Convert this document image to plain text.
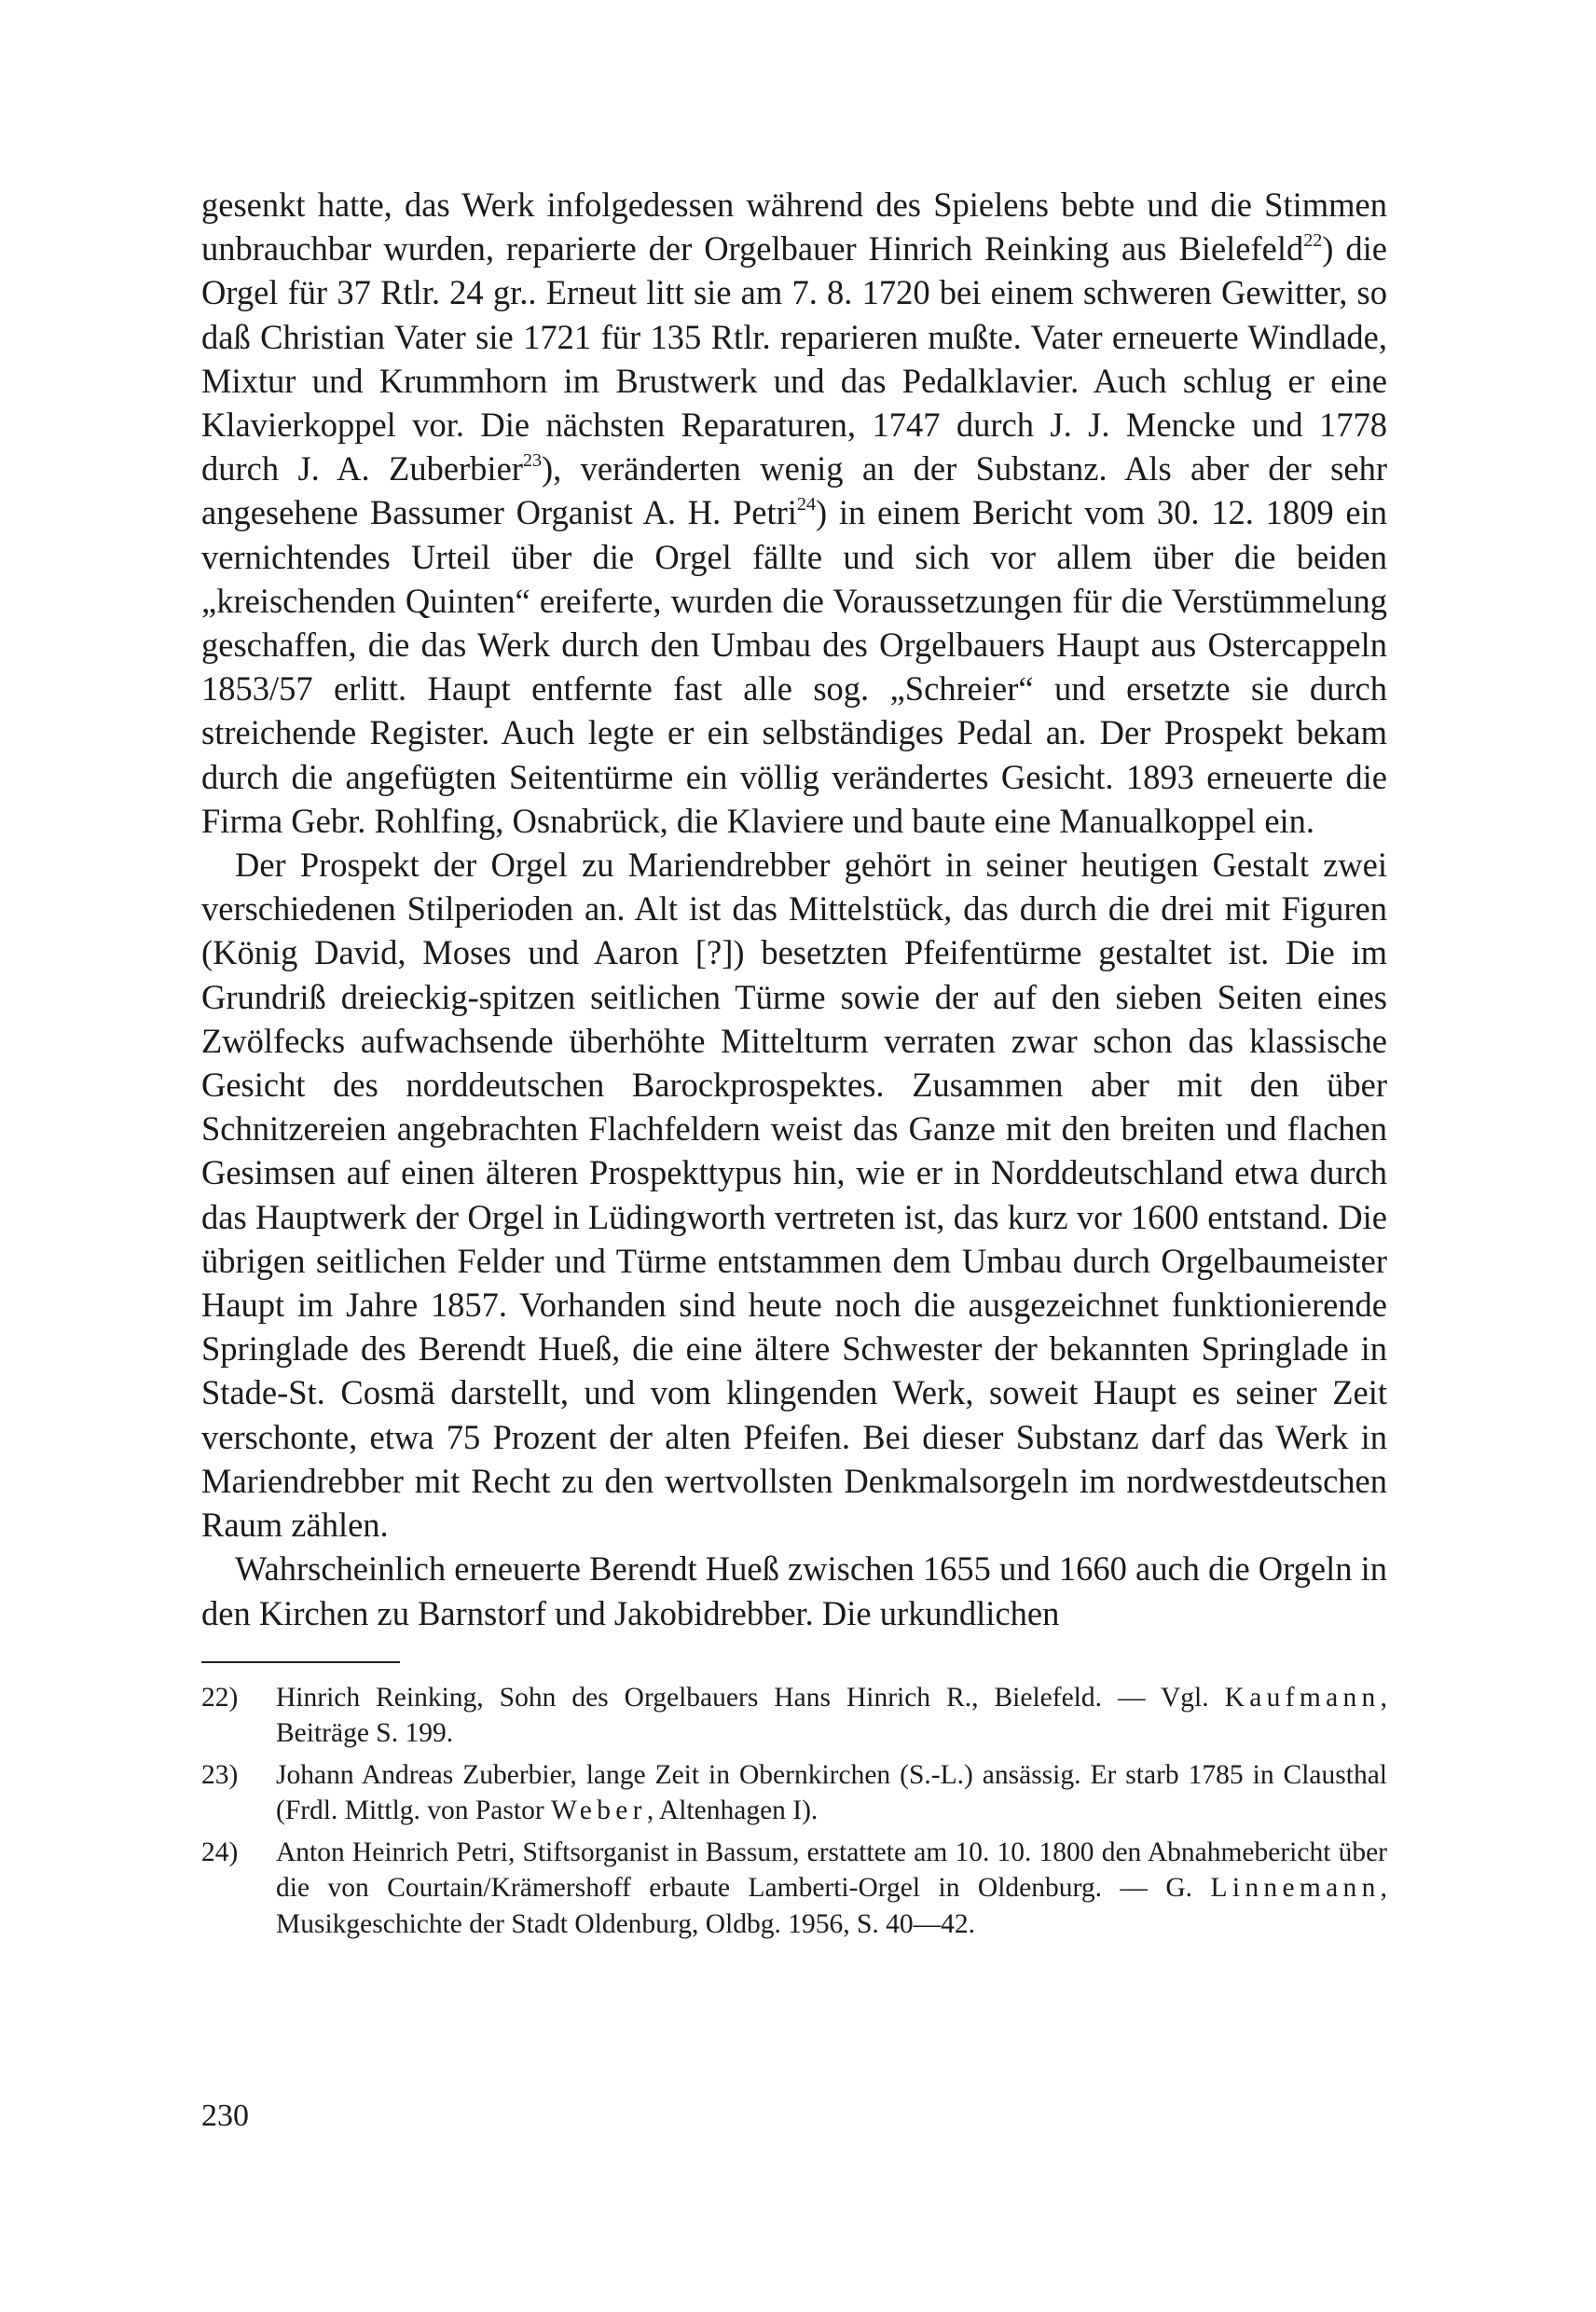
gesenkt hatte, das Werk infolgedessen während des Spielens bebte und die Stimmen unbrauchbar wurden, reparierte der Orgelbauer Hinrich Reinking aus Bielefeld$^{22}$) die Orgel für 37 Rtlr. 24 gr.. Erneut litt sie am 7. 8. 1720 bei einem schweren Gewitter, so daß Christian Vater sie 1721 für 135 Rtlr. reparieren mußte. Vater erneuerte Windlade, Mixtur und Krummhorn im Brustwerk und das Pedalklavier. Auch schlug er eine Klavierkoppel vor. Die nächsten Reparaturen, 1747 durch J. J. Mencke und 1778 durch J. A. Zuberbier$^{23}$), veränderten wenig an der Substanz. Als aber der sehr angesehene Bassumer Organist A. H. Petri$^{24}$) in einem Bericht vom 30. 12. 1809 ein vernichtendes Urteil über die Orgel fällte und sich vor allem über die beiden „kreischenden Quinten“ ereiferte, wurden die Voraussetzungen für die Verstümmelung geschaffen, die das Werk durch den Umbau des Orgelbauers Haupt aus Ostercappeln 1853/57 erlitt. Haupt entfernte fast alle sog. „Schreier“ und ersetzte sie durch streichende Register. Auch legte er ein selbständiges Pedal an. Der Prospekt bekam durch die angefügten Seitentürme ein völlig verändertes Gesicht. 1893 erneuerte die Firma Gebr. Rohlfing, Osnabrück, die Klaviere und baute eine Manualkoppel ein.

Der Prospekt der Orgel zu Mariendrebber gehört in seiner heutigen Gestalt zwei verschiedenen Stilperioden an. Alt ist das Mittelstück, das durch die drei mit Figuren (König David, Moses und Aaron [?]) besetzten Pfeifentürme gestaltet ist. Die im Grundriß dreieckig-spitzen seitlichen Türme sowie der auf den sieben Seiten eines Zwölfecks aufwachsende überhöhte Mittelturm verraten zwar schon das klassische Gesicht des norddeutschen Barockprospektes. Zusammen aber mit den über Schnitzereien angebrachten Flachfeldern weist das Ganze mit den breiten und flachen Gesimsen auf einen älteren Prospekttypus hin, wie er in Norddeutschland etwa durch das Hauptwerk der Orgel in Lüdingworth vertreten ist, das kurz vor 1600 entstand. Die übrigen seitlichen Felder und Türme entstammen dem Umbau durch Orgelbaumeister Haupt im Jahre 1857. Vorhanden sind heute noch die ausgezeichnet funktionierende Springlade des Berendt Hueß, die eine ältere Schwester der bekannten Springlade in Stade-St. Cosmä darstellt, und vom klingenden Werk, soweit Haupt es seiner Zeit verschonte, etwa 75 Prozent der alten Pfeifen. Bei dieser Substanz darf das Werk in Mariendrebber mit Recht zu den wertvollsten Denkmalsorgeln im nordwestdeutschen Raum zählen.

Wahrscheinlich erneuerte Berendt Hueß zwischen 1655 und 1660 auch die Orgeln in den Kirchen zu Barnstorf und Jakobidrebber. Die urkundlichen

22)	Hinrich Reinking, Sohn des Orgelbauers Hans Hinrich R., Bielefeld. — Vgl. Kaufmann, Beiträge S. 199.
23)	Johann Andreas Zuberbier, lange Zeit in Obernkirchen (S.-L.) ansässig. Er starb 1785 in Clausthal (Frdl. Mittlg. von Pastor Weber, Altenhagen I).
24)	Anton Heinrich Petri, Stiftsorganist in Bassum, erstattete am 10. 10. 1800 den Abnahmebericht über die von Courtain/Krämershoff erbaute Lamberti-Orgel in Oldenburg. — G. Linnemann, Musikgeschichte der Stadt Oldenburg, Oldbg. 1956, S. 40—42.
230
